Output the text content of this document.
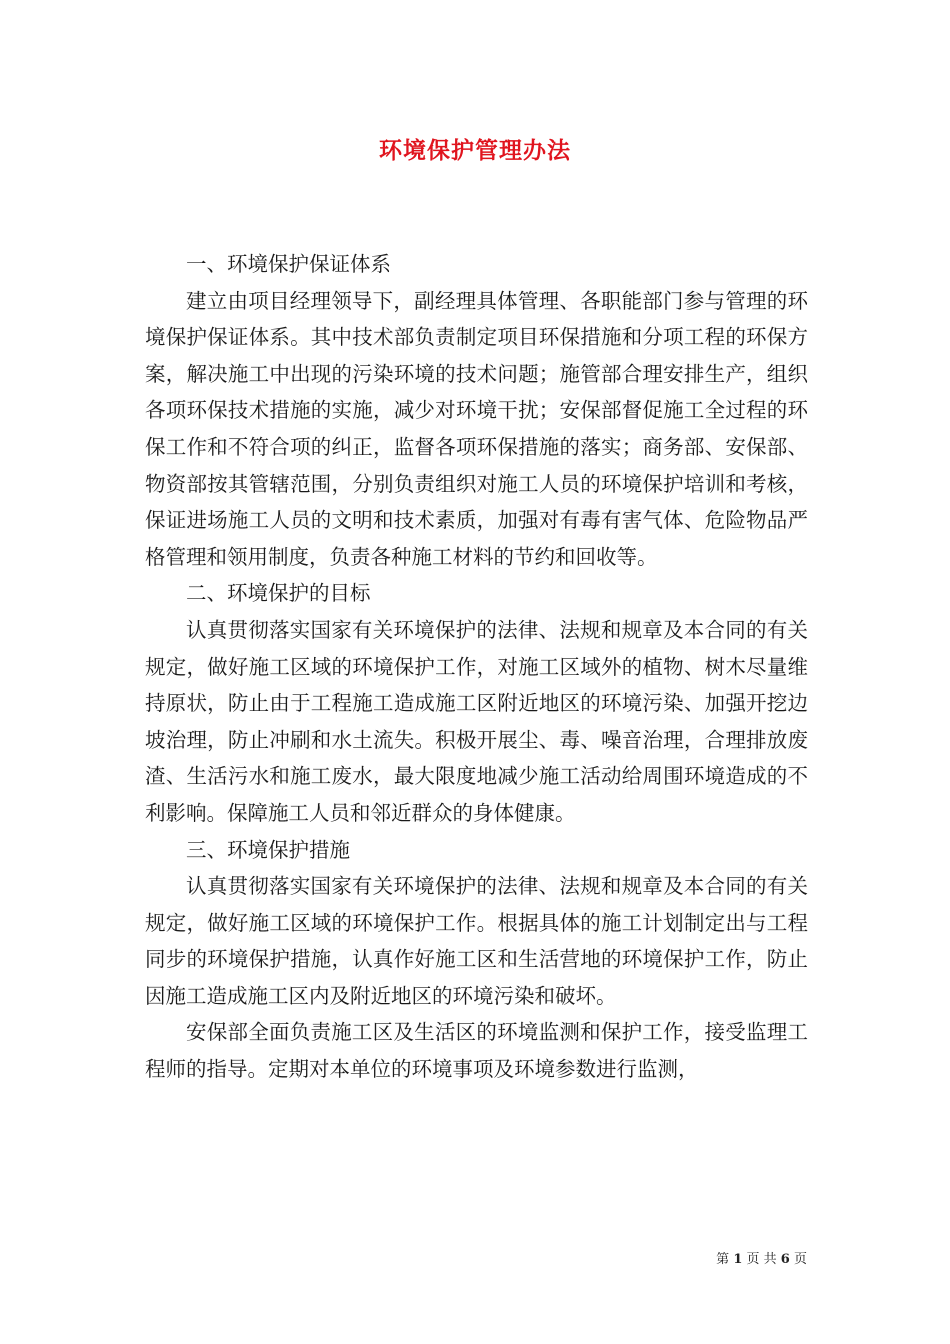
环境保护管理办法

一、环境保护保证体系

建立由项目经理领导下，副经理具体管理、各职能部门参与管理的环境保护保证体系。其中技术部负责制定项目环保措施和分项工程的环保方案，解决施工中出现的污染环境的技术问题；施管部合理安排生产，组织各项环保技术措施的实施，减少对环境干扰；安保部督促施工全过程的环保工作和不符合项的纠正，监督各项环保措施的落实；商务部、安保部、物资部按其管辖范围，分别负责组织对施工人员的环境保护培训和考核，保证进场施工人员的文明和技术素质，加强对有毒有害气体、危险物品严格管理和领用制度，负责各种施工材料的节约和回收等。

二、环境保护的目标

认真贯彻落实国家有关环境保护的法律、法规和规章及本合同的有关规定，做好施工区域的环境保护工作，对施工区域外的植物、树木尽量维持原状，防止由于工程施工造成施工区附近地区的环境污染、加强开挖边坡治理，防止冲刷和水土流失。积极开展尘、毒、噪音治理，合理排放废渣、生活污水和施工废水，最大限度地减少施工活动给周围环境造成的不利影响。保障施工人员和邻近群众的身体健康。

三、环境保护措施

认真贯彻落实国家有关环境保护的法律、法规和规章及本合同的有关规定，做好施工区域的环境保护工作。根据具体的施工计划制定出与工程同步的环境保护措施，认真作好施工区和生活营地的环境保护工作，防止因施工造成施工区内及附近地区的环境污染和破坏。

安保部全面负责施工区及生活区的环境监测和保护工作，接受监理工程师的指导。定期对本单位的环境事项及环境参数进行监测，

第 1 页 共 6 页
